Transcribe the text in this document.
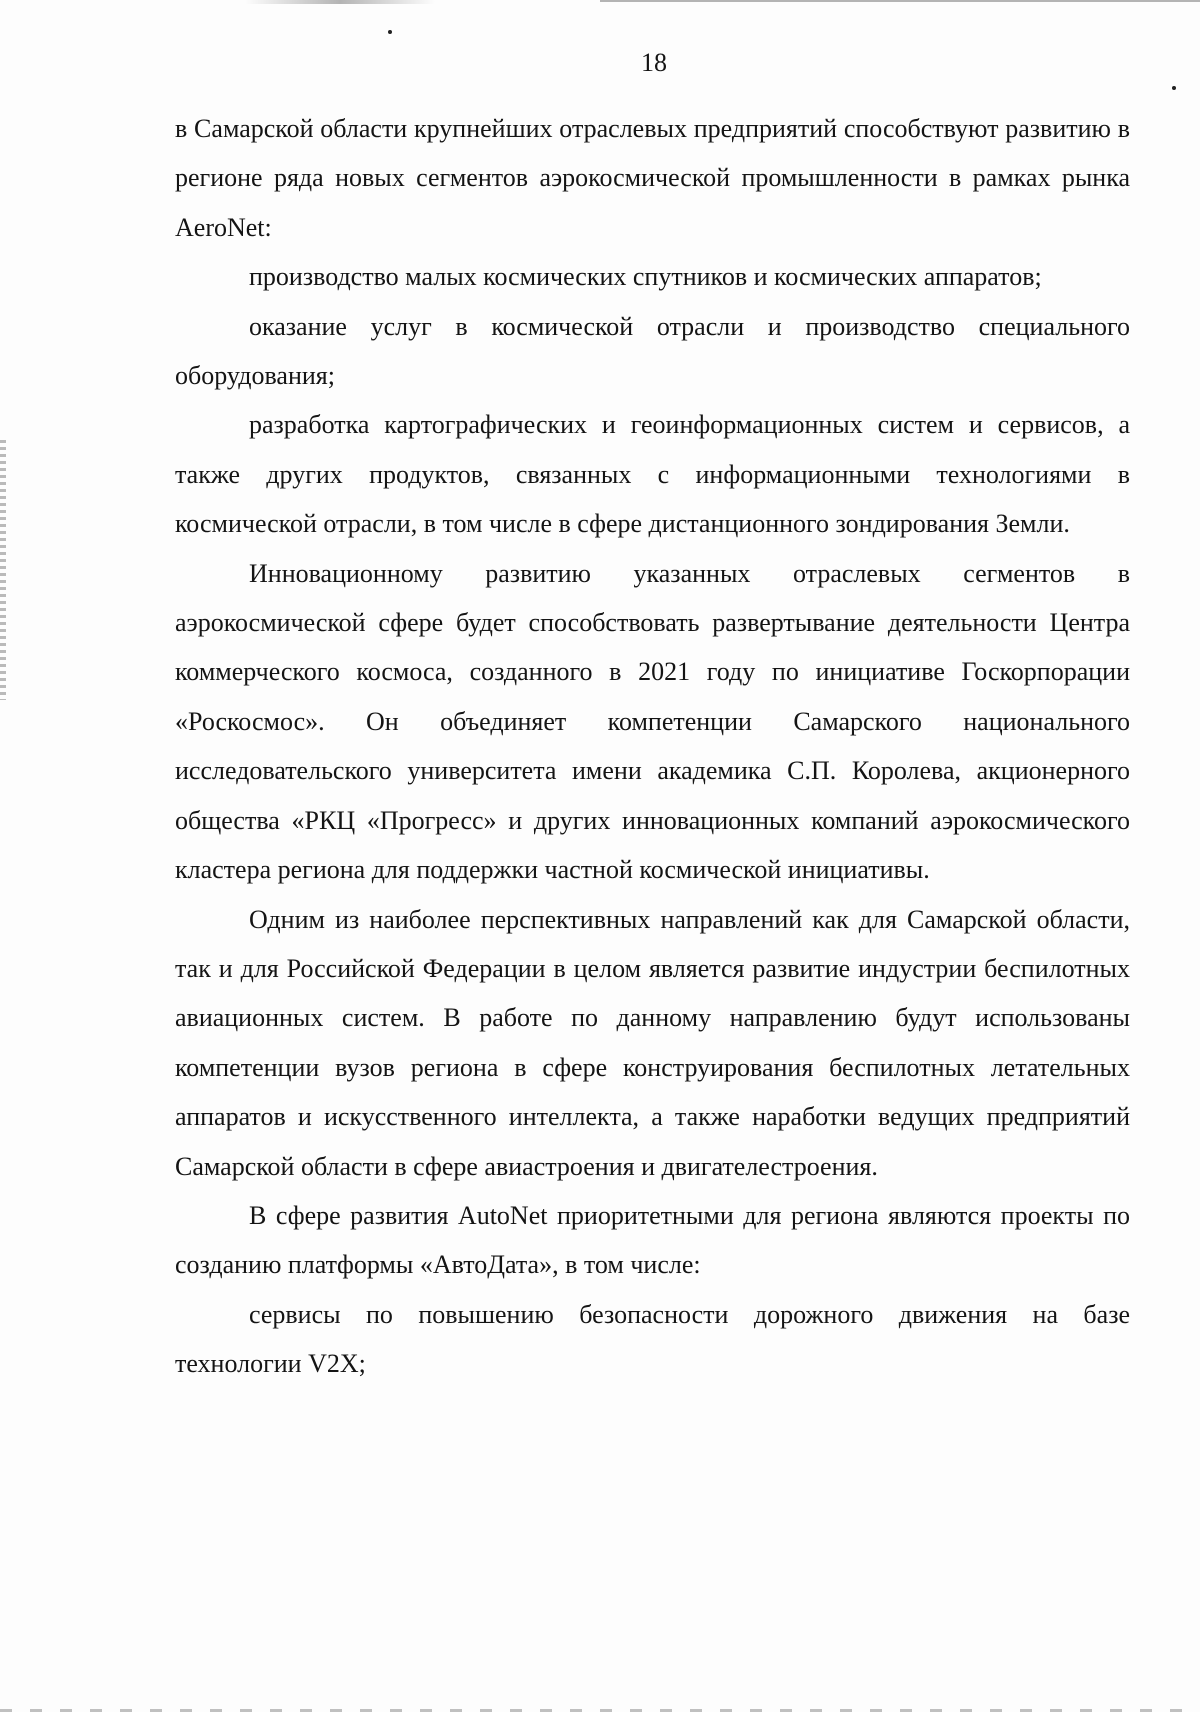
18

в Самарской области крупнейших отраслевых предприятий способствуют развитию в регионе ряда новых сегментов аэрокосмической промышленности в рамках рынка AeroNet:

производство малых космических спутников и космических аппаратов;

оказание услуг в космической отрасли и производство специального оборудования;

разработка картографических и геоинформационных систем и сервисов, а также других продуктов, связанных с информационными технологиями в космической отрасли, в том числе в сфере дистанционного зондирования Земли.

Инновационному развитию указанных отраслевых сегментов в аэрокосмической сфере будет способствовать развертывание деятельности Центра коммерческого космоса, созданного в 2021 году по инициативе Госкорпорации «Роскосмос». Он объединяет компетенции Самарского национального исследовательского университета имени академика С.П. Королева, акционерного общества «РКЦ «Прогресс» и других инновационных компаний аэрокосмического кластера региона для поддержки частной космической инициативы.

Одним из наиболее перспективных направлений как для Самарской области, так и для Российской Федерации в целом является развитие индустрии беспилотных авиационных систем. В работе по данному направлению будут использованы компетенции вузов региона в сфере конструирования беспилотных летательных аппаратов и искусственного интеллекта, а также наработки ведущих предприятий Самарской области в сфере авиастроения и двигателестроения.

В сфере развития AutoNet приоритетными для региона являются проекты по созданию платформы «АвтоДата», в том числе:

сервисы по повышению безопасности дорожного движения на базе технологии V2X;
